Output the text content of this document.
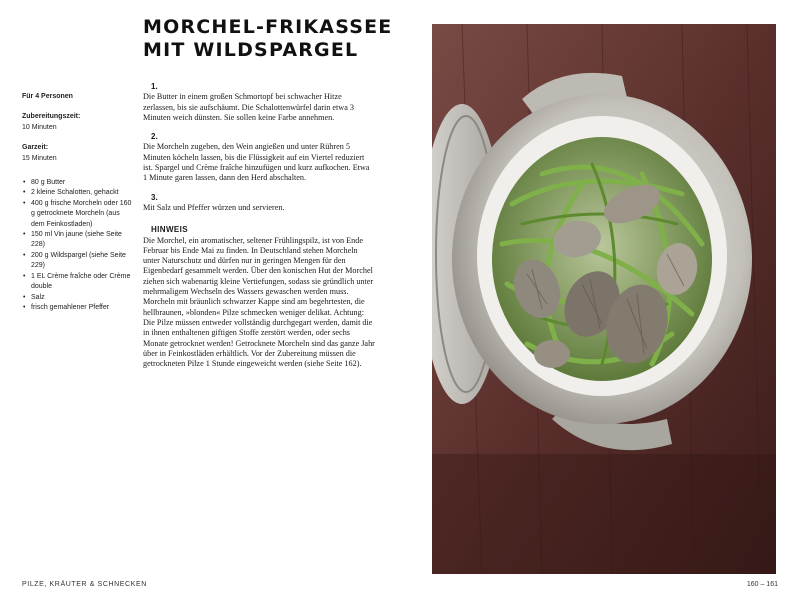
MORCHEL-FRIKASSEE
MIT WILDSPARGEL
Für 4 Personen
Zubereitungszeit:
10 Minuten
Garzeit:
15 Minuten
• 80 g Butter
• 2 kleine Schalotten, gehackt
• 400 g frische Morcheln oder 160 g getrocknete Morcheln (aus dem Feinkostladen)
• 150 ml Vin jaune (siehe Seite 228)
• 200 g Wildspargel (siehe Seite 229)
• 1 EL Crème fraîche oder Crème double
• Salz
• frisch gemahlener Pfeffer
1.

Die Butter in einem großen Schmortopf bei schwacher Hitze zerlassen, bis sie aufschäumt. Die Schalottenwürfel darin etwa 3 Minuten weich dünsten. Sie sollen keine Farbe annehmen.

2.

Die Morcheln zugeben, den Wein angießen und unter Rühren 5 Minuten köcheln lassen, bis die Flüssigkeit auf ein Viertel reduziert ist. Spargel und Crème fraîche hinzufügen und kurz aufkochen. Etwa 1 Minute garen lassen, dann den Herd abschalten.

3.

Mit Salz und Pfeffer würzen und servieren.

HINWEIS

Die Morchel, ein aromatischer, seltener Frühlingspilz, ist von Ende Februar bis Ende Mai zu finden. In Deutschland stehen Morcheln unter Naturschutz und dürfen nur in geringen Mengen für den Eigenbedarf gesammelt werden. Über den konischen Hut der Morchel ziehen sich wabenartig kleine Vertiefungen, sodass sie gründlich unter mehrmaligem Wechseln des Wassers gewaschen werden muss. Morcheln mit bräunlich schwarzer Kappe sind am begehrtesten, die hellbraunen, »blonden« Pilze schmecken weniger delikat. Achtung: Die Pilze müssen entweder vollständig durchgegart werden, damit die in ihnen enthaltenen giftigen Stoffe zerstört werden, oder sechs Monate getrocknet werden! Getrocknete Morcheln sind das ganze Jahr über in Feinkostläden erhältlich. Vor der Zubereitung müssen die getrockneten Pilze 1 Stunde eingeweicht werden (siehe Seite 162).

PILZE, KRÄUTER & SCHNECKEN	160 – 161
